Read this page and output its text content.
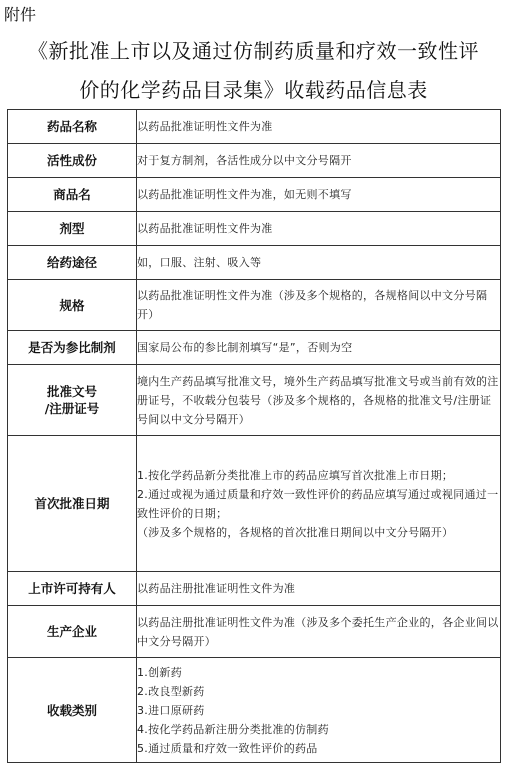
附件
《新批准上市以及通过仿制药质量和疗效一致性评
价的化学药品目录集》收载药品信息表
药品名称	以药品批准证明性文件为准

活性成份	对于复方制剂，各活性成分以中文分号隔开

商品名	以药品批准证明性文件为准，如无则不填写

剂型	以药品批准证明性文件为准

给药途径	如，口服、注射、吸入等

规格	以药品批准证明性文件为准（涉及多个规格的，各规格间以中文分号隔开）

是否为参比制剂	国家局公布的参比制剂填写“是”，否则为空

批准文号
/注册证号	境内生产药品填写批准文号，境外生产药品填写批准文号或当前有效的注册证号，不收载分包装号（涉及多个规格的，各规格的批准文号/注册证号间以中文分号隔开）

首次批准日期	1.按化学药品新分类批准上市的药品应填写首次批准上市日期；
2.通过或视为通过质量和疗效一致性评价的药品应填写通过或视同通过一致性评价的日期；
（涉及多个规格的，各规格的首次批准日期间以中文分号隔开）

上市许可持有人	以药品注册批准证明性文件为准

生产企业	以药品注册批准证明性文件为准（涉及多个委托生产企业的，各企业间以中文分号隔开）

收载类别	1.创新药
2.改良型新药
3.进口原研药
4.按化学药品新注册分类批准的仿制药
5.通过质量和疗效一致性评价的药品
